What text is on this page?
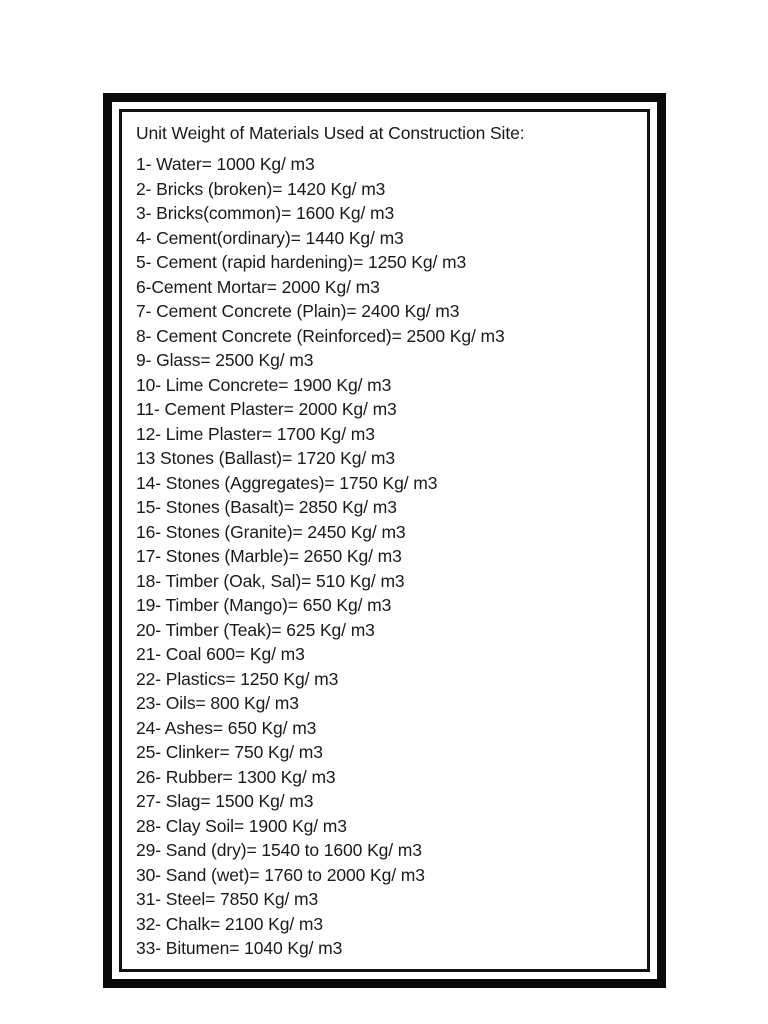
Unit Weight of Materials Used at Construction Site:
1- Water= 1000 Kg/ m3
2- Bricks (broken)= 1420 Kg/ m3
3- Bricks(common)= 1600 Kg/ m3
4- Cement(ordinary)= 1440 Kg/ m3
5- Cement (rapid hardening)= 1250 Kg/ m3
6-Cement Mortar= 2000 Kg/ m3
7- Cement Concrete (Plain)= 2400 Kg/ m3
8- Cement Concrete (Reinforced)= 2500 Kg/ m3
9- Glass= 2500 Kg/ m3
10- Lime Concrete= 1900 Kg/ m3
11- Cement Plaster= 2000 Kg/ m3
12- Lime Plaster= 1700 Kg/ m3
13 Stones (Ballast)= 1720 Kg/ m3
14- Stones (Aggregates)= 1750 Kg/ m3
15- Stones (Basalt)= 2850 Kg/ m3
16- Stones (Granite)= 2450 Kg/ m3
17- Stones (Marble)= 2650 Kg/ m3
18- Timber (Oak, Sal)= 510 Kg/ m3
19- Timber (Mango)= 650 Kg/ m3
20- Timber (Teak)= 625 Kg/ m3
21- Coal 600= Kg/ m3
22- Plastics= 1250 Kg/ m3
23- Oils= 800 Kg/ m3
24- Ashes= 650 Kg/ m3
25- Clinker= 750 Kg/ m3
26- Rubber= 1300 Kg/ m3
27- Slag= 1500 Kg/ m3
28- Clay Soil= 1900 Kg/ m3
29- Sand (dry)= 1540 to 1600 Kg/ m3
30- Sand (wet)= 1760 to 2000 Kg/ m3
31- Steel= 7850 Kg/ m3
32- Chalk= 2100 Kg/ m3
33- Bitumen= 1040 Kg/ m3
